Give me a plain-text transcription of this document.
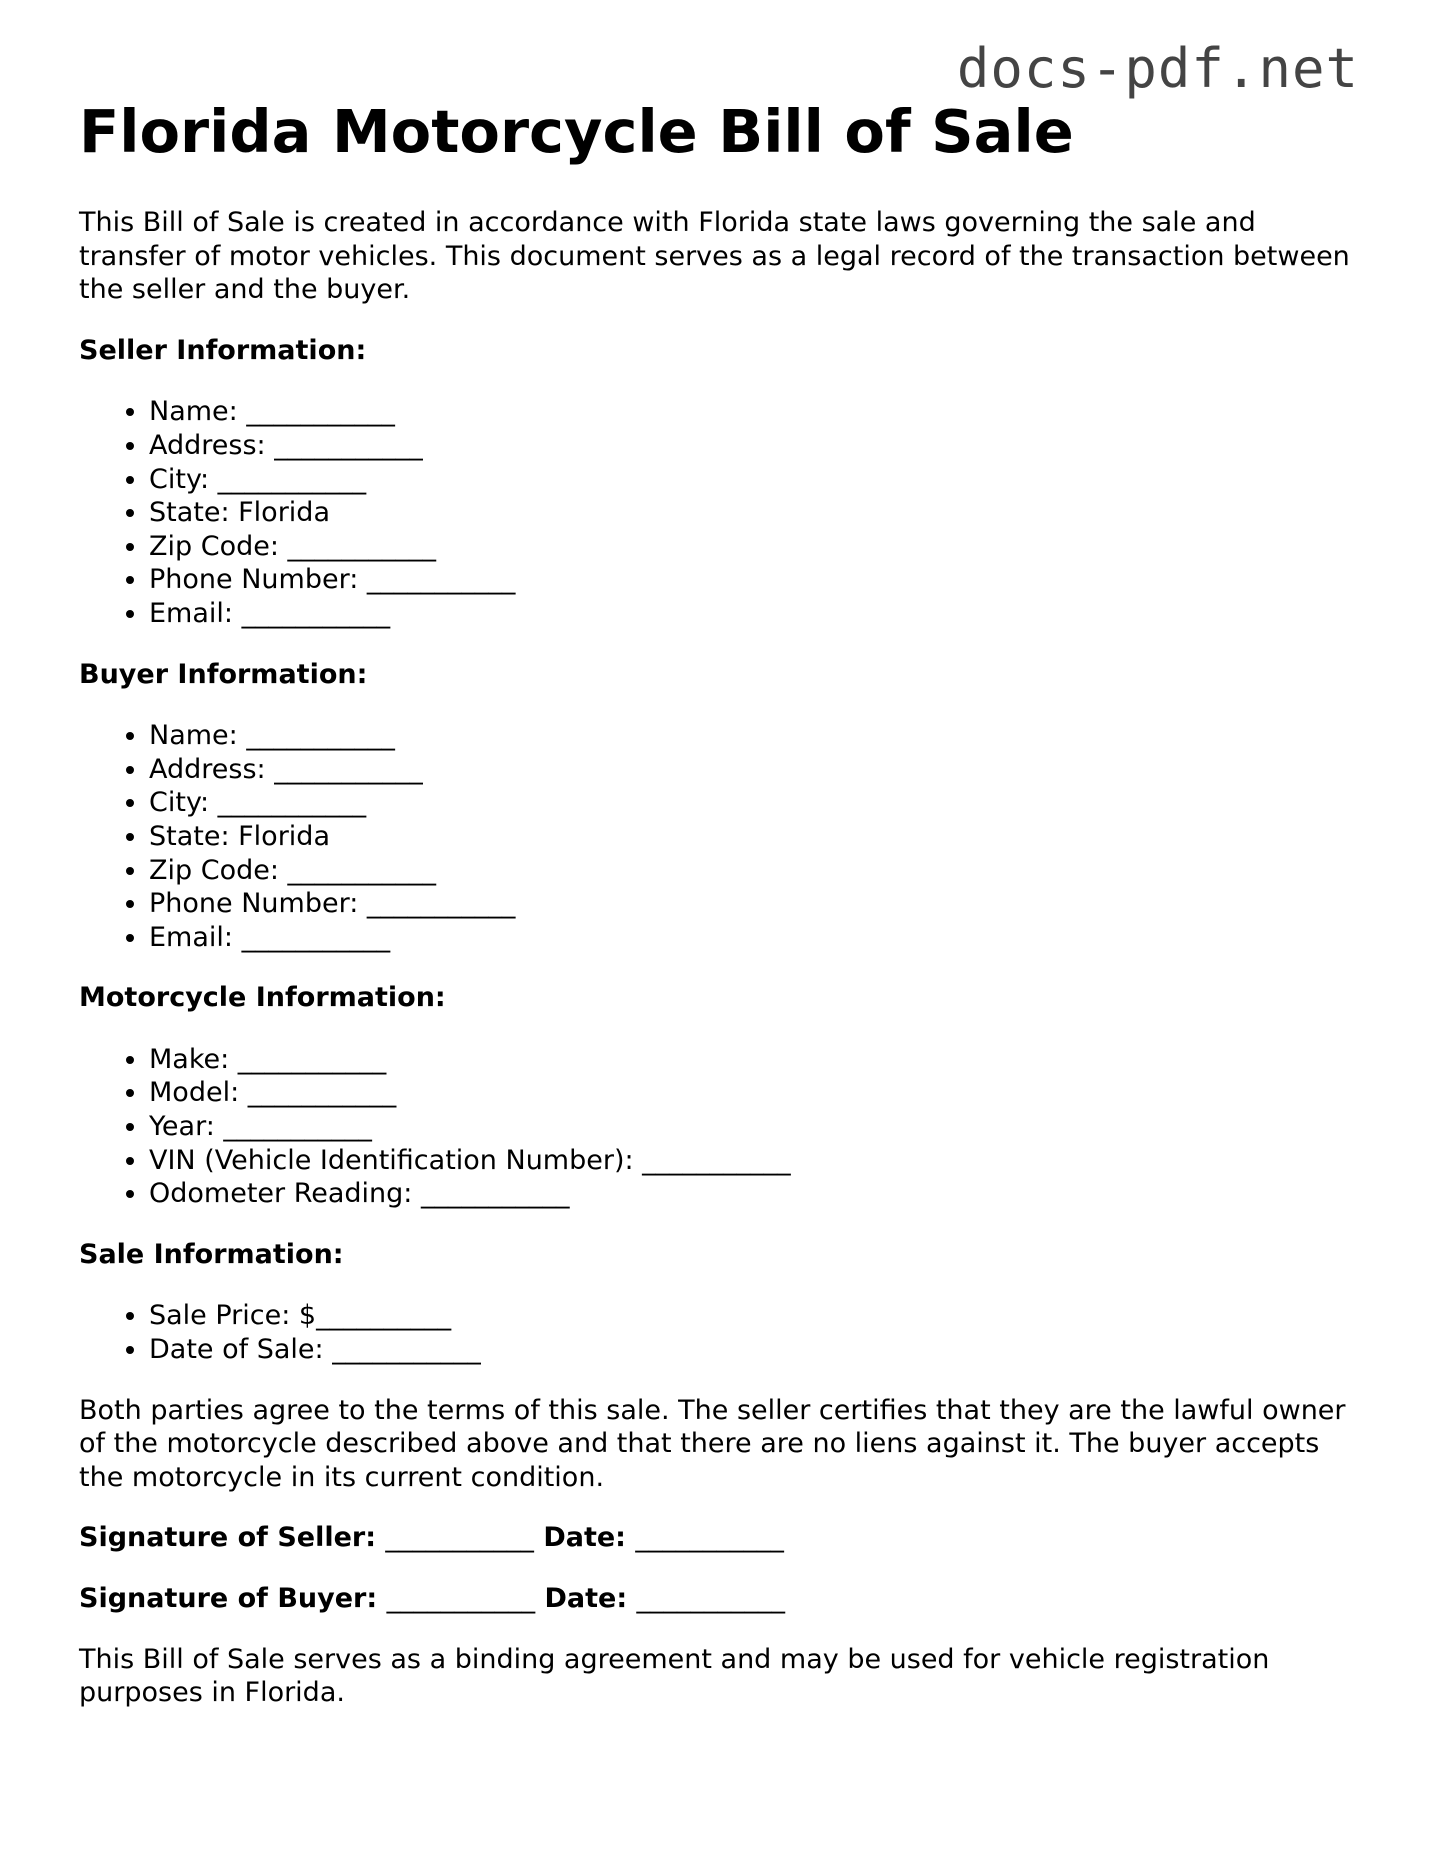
docs-pdf.net

Florida Motorcycle Bill of Sale

This Bill of Sale is created in accordance with Florida state laws governing the sale and transfer of motor vehicles. This document serves as a legal record of the transaction between the seller and the buyer.

Seller Information:
• Name: ___________
• Address: ___________
• City: ___________
• State: Florida
• Zip Code: ___________
• Phone Number: ___________
• Email: ___________
Buyer Information:
• Name: ___________
• Address: ___________
• City: ___________
• State: Florida
• Zip Code: ___________
• Phone Number: ___________
• Email: ___________
Motorcycle Information:
• Make: ___________
• Model: ___________
• Year: ___________
• VIN (Vehicle Identification Number): ___________
• Odometer Reading: ___________
Sale Information:
• Sale Price: $__________
• Date of Sale: ___________

Both parties agree to the terms of this sale. The seller certifies that they are the lawful owner of the motorcycle described above and that there are no liens against it. The buyer accepts the motorcycle in its current condition.

Signature of Seller: ___________ Date: ___________

Signature of Buyer: ___________ Date: ___________

This Bill of Sale serves as a binding agreement and may be used for vehicle registration purposes in Florida.
